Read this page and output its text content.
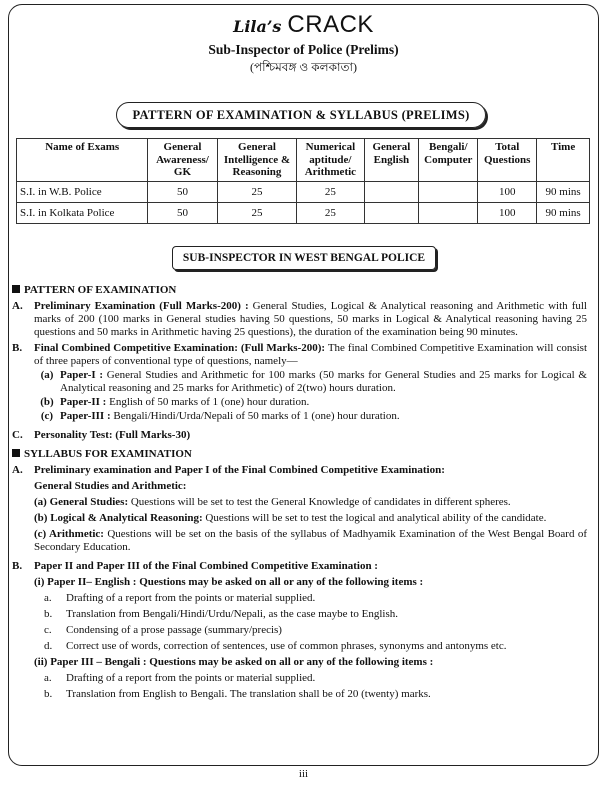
Lila’s CRACK
Sub-Inspector of Police (Prelims)
(পশ্চিমবঙ্গ ও কলকাতা)
PATTERN OF EXAMINATION & SYLLABUS (PRELIMS)
Name of Exams	General Awareness/ GK	General Intelligence & Reasoning	Numerical aptitude/ Arithmetic	General English	Bengali/ Computer	Total Questions	Time
S.I. in W.B. Police	50	25	25			100	90 mins
S.I. in Kolkata Police	50	25	25			100	90 mins
SUB-INSPECTOR IN WEST BENGAL POLICE
PATTERN OF EXAMINATION
A.	Preliminary Examination (Full Marks-200) : General Studies, Logical & Analytical reasoning and Arithmetic with full marks of 200 (100 marks in General studies having 50 questions, 50 marks in Logical & Analytical reasoning having 25 questions and 50 marks in Arithmetic having 25 questions), the duration of the examination being 90 minutes.
B.	Final Combined Competitive Examination: (Full Marks-200): The final Combined Competitive Examination will consist of three papers of conventional type of questions, namely—
(a) Paper-I : General Studies and Arithmetic for 100 marks (50 marks for General Studies and 25 marks for Logical & Analytical reasoning and 25 marks for Arithmetic) of 2(two) hours duration.
(b) Paper-II : English of 50 marks of 1 (one) hour duration.
(c) Paper-III : Bengali/Hindi/Urda/Nepali of 50 marks of 1 (one) hour duration.
C.	Personality Test: (Full Marks-30)
SYLLABUS FOR EXAMINATION
A.	Preliminary examination and Paper I of the Final Combined Competitive Examination:
General Studies and Arithmetic:
(a) General Studies: Questions will be set to test the General Knowledge of candidates in different spheres.
(b) Logical & Analytical Reasoning: Questions will be set to test the logical and analytical ability of the candidate.
(c) Arithmetic: Questions will be set on the basis of the syllabus of Madhyamik Examination of the West Bengal Board of Secondary Education.
B.	Paper II and Paper III of the Final Combined Competitive Examination :
(i) Paper II– English : Questions may be asked on all or any of the following items :
a.	Drafting of a report from the points or material supplied.
b.	Translation from Bengali/Hindi/Urdu/Nepali, as the case maybe to English.
c.	Condensing of a prose passage (summary/precis)
d.	Correct use of words, correction of sentences, use of common phrases, synonyms and antonyms etc.
(ii) Paper III – Bengali : Questions may be asked on all or any of the following items :
a.	Drafting of a report from the points or material supplied.
b.	Translation from English to Bengali. The translation shall be of 20 (twenty) marks.
iii
